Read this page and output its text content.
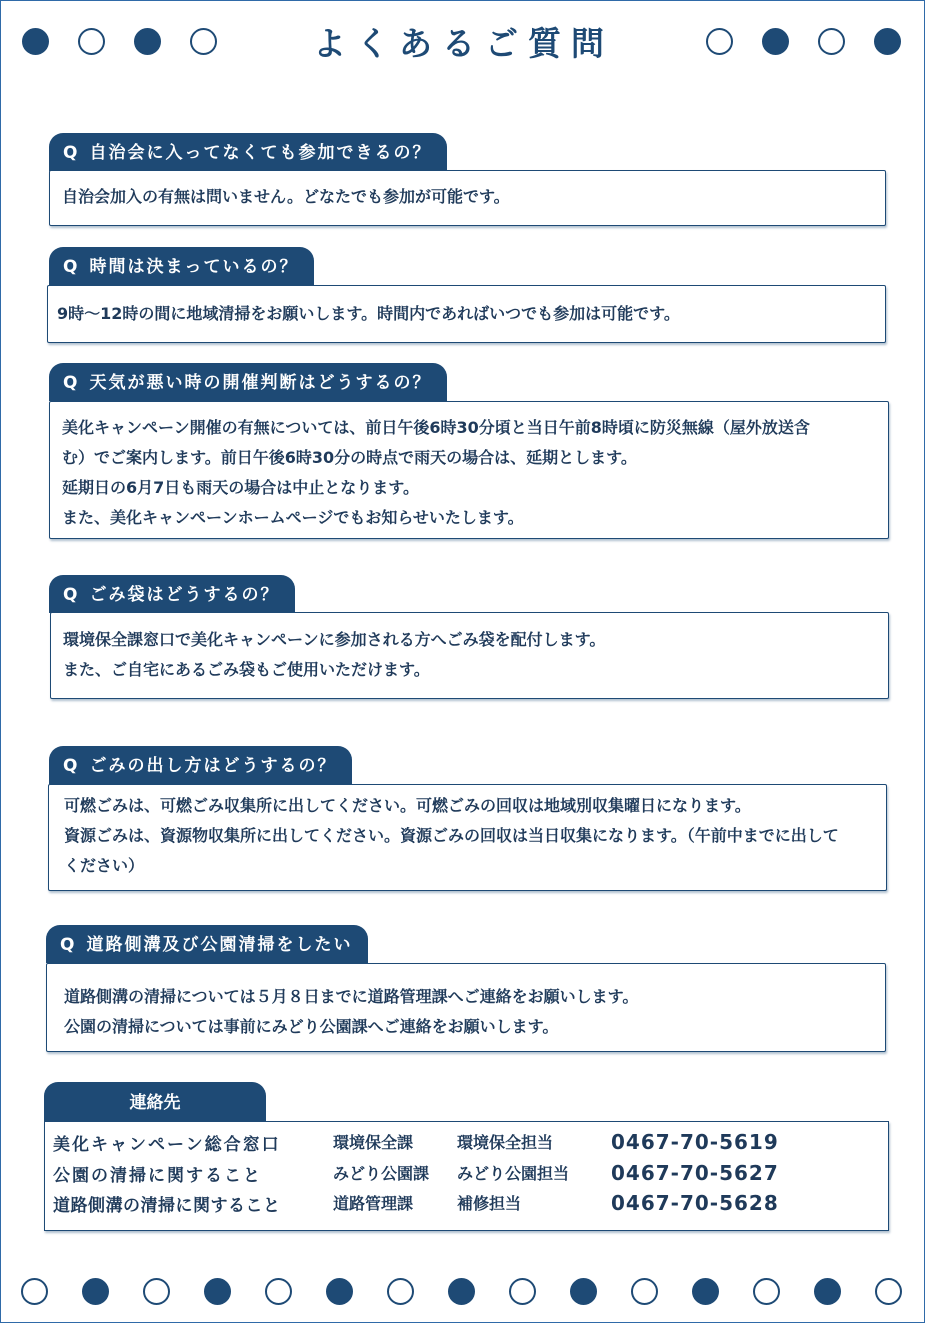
よくあるご質問
Q 自治会に入ってなくても参加できるの？
自治会加入の有無は問いません。どなたでも参加が可能です。
Q 時間は決まっているの？
9時～12時の間に地域清掃をお願いします。時間内であればいつでも参加は可能です。
Q 天気が悪い時の開催判断はどうするの？
美化キャンペーン開催の有無については、前日午後6時30分頃と当日午前8時頃に防災無線（屋外放送含
む）でご案内します。前日午後6時30分の時点で雨天の場合は、延期とします。
延期日の6月7日も雨天の場合は中止となります。
また、美化キャンペーンホームページでもお知らせいたします。
Q ごみ袋はどうするの？
環境保全課窓口で美化キャンペーンに参加される方へごみ袋を配付します。
また、ご自宅にあるごみ袋もご使用いただけます。
Q ごみの出し方はどうするの？
可燃ごみは、可燃ごみ収集所に出してください。可燃ごみの回収は地域別収集曜日になります。
資源ごみは、資源物収集所に出してください。資源ごみの回収は当日収集になります。（午前中までに出して
ください）
Q 道路側溝及び公園清掃をしたい
道路側溝の清掃については５月８日までに道路管理課へご連絡をお願いします。
公園の清掃については事前にみどり公園課へご連絡をお願いします。
連絡先
美化キャンペーン総合窓口	環境保全課	環境保全担当	0467-70-5619
公園の清掃に関すること	みどり公園課 みどり公園担当 0467-70-5627
道路側溝の清掃に関すること	道路管理課	補修担当	0467-70-5628
